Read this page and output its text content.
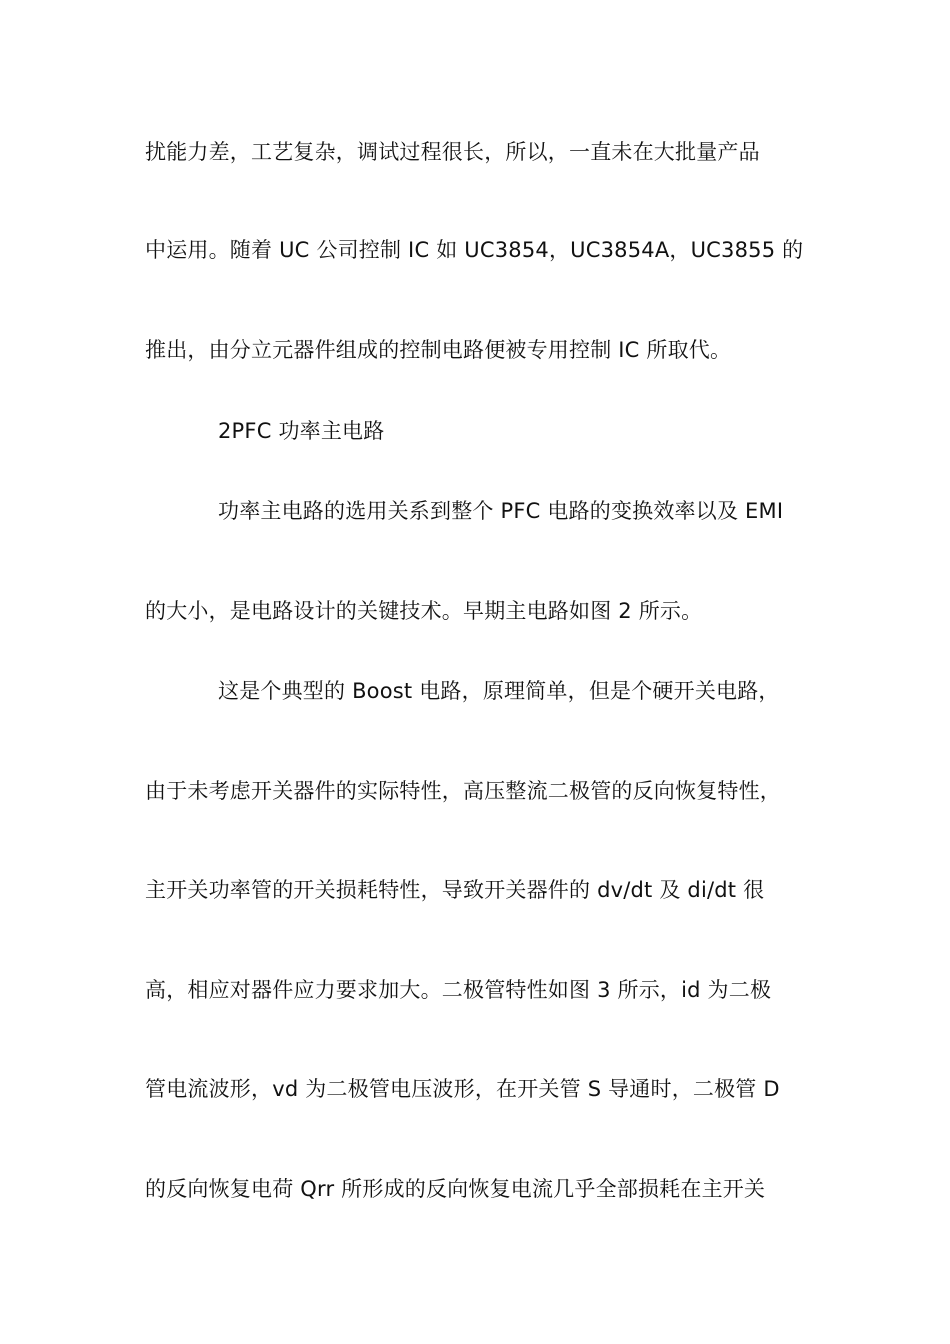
扰能力差，工艺复杂，调试过程很长，所以，一直未在大批量产品
中运用。随着 UC 公司控制 IC 如 UC3854，UC3854A，UC3855 的
推出，由分立元器件组成的控制电路便被专用控制 IC 所取代。
2PFC 功率主电路
功率主电路的选用关系到整个 PFC 电路的变换效率以及 EMI
的大小，是电路设计的关键技术。早期主电路如图 2 所示。
这是个典型的 Boost 电路，原理简单，但是个硬开关电路，
由于未考虑开关器件的实际特性，高压整流二极管的反向恢复特性，
主开关功率管的开关损耗特性，导致开关器件的 dv/dt 及 di/dt 很
高，相应对器件应力要求加大。二极管特性如图 3 所示，id 为二极
管电流波形，vd 为二极管电压波形，在开关管 S 导通时，二极管 D
的反向恢复电荷 Qrr 所形成的反向恢复电流几乎全部损耗在主开关
